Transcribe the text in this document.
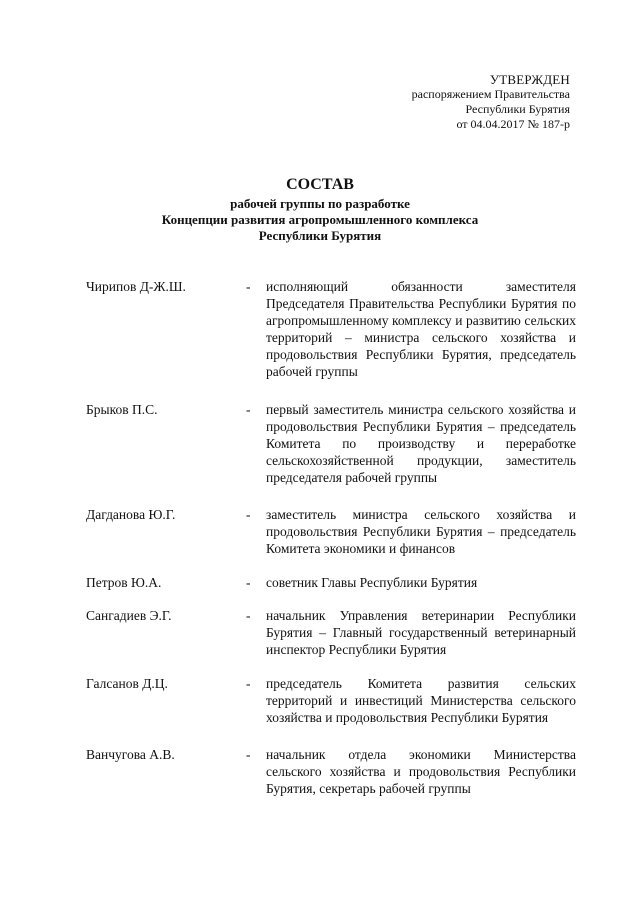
УТВЕРЖДЕН
распоряжением Правительства
Республики Бурятия
от 04.04.2017 № 187-р
СОСТАВ
рабочей группы по разработке
Концепции развития агропромышленного комплекса
Республики Бурятия
Чирипов Д-Ж.Ш.	-	исполняющий обязанности заместителя Председателя Правительства Республики Бурятия по агропромышленному комплексу и развитию сельских территорий – министра сельского хозяйства и продовольствия Республики Бурятия, председатель рабочей группы
Брыков П.С.	-	первый заместитель министра сельского хозяйства и продовольствия Республики Бурятия – председатель Комитета по производству и переработке сельскохозяйственной продукции, заместитель председателя рабочей группы
Дагданова Ю.Г.	-	заместитель министра сельского хозяйства и продовольствия Республики Бурятия – председатель Комитета экономики и финансов
Петров Ю.А.	-	советник Главы Республики Бурятия
Сангадиев Э.Г.	-	начальник Управления ветеринарии Республики Бурятия – Главный государственный ветеринарный инспектор Республики Бурятия
Галсанов Д.Ц.	-	председатель Комитета развития сельских территорий и инвестиций Министерства сельского хозяйства и продовольствия Республики Бурятия
Ванчугова А.В.	-	начальник отдела экономики Министерства сельского хозяйства и продовольствия Республики Бурятия, секретарь рабочей группы
